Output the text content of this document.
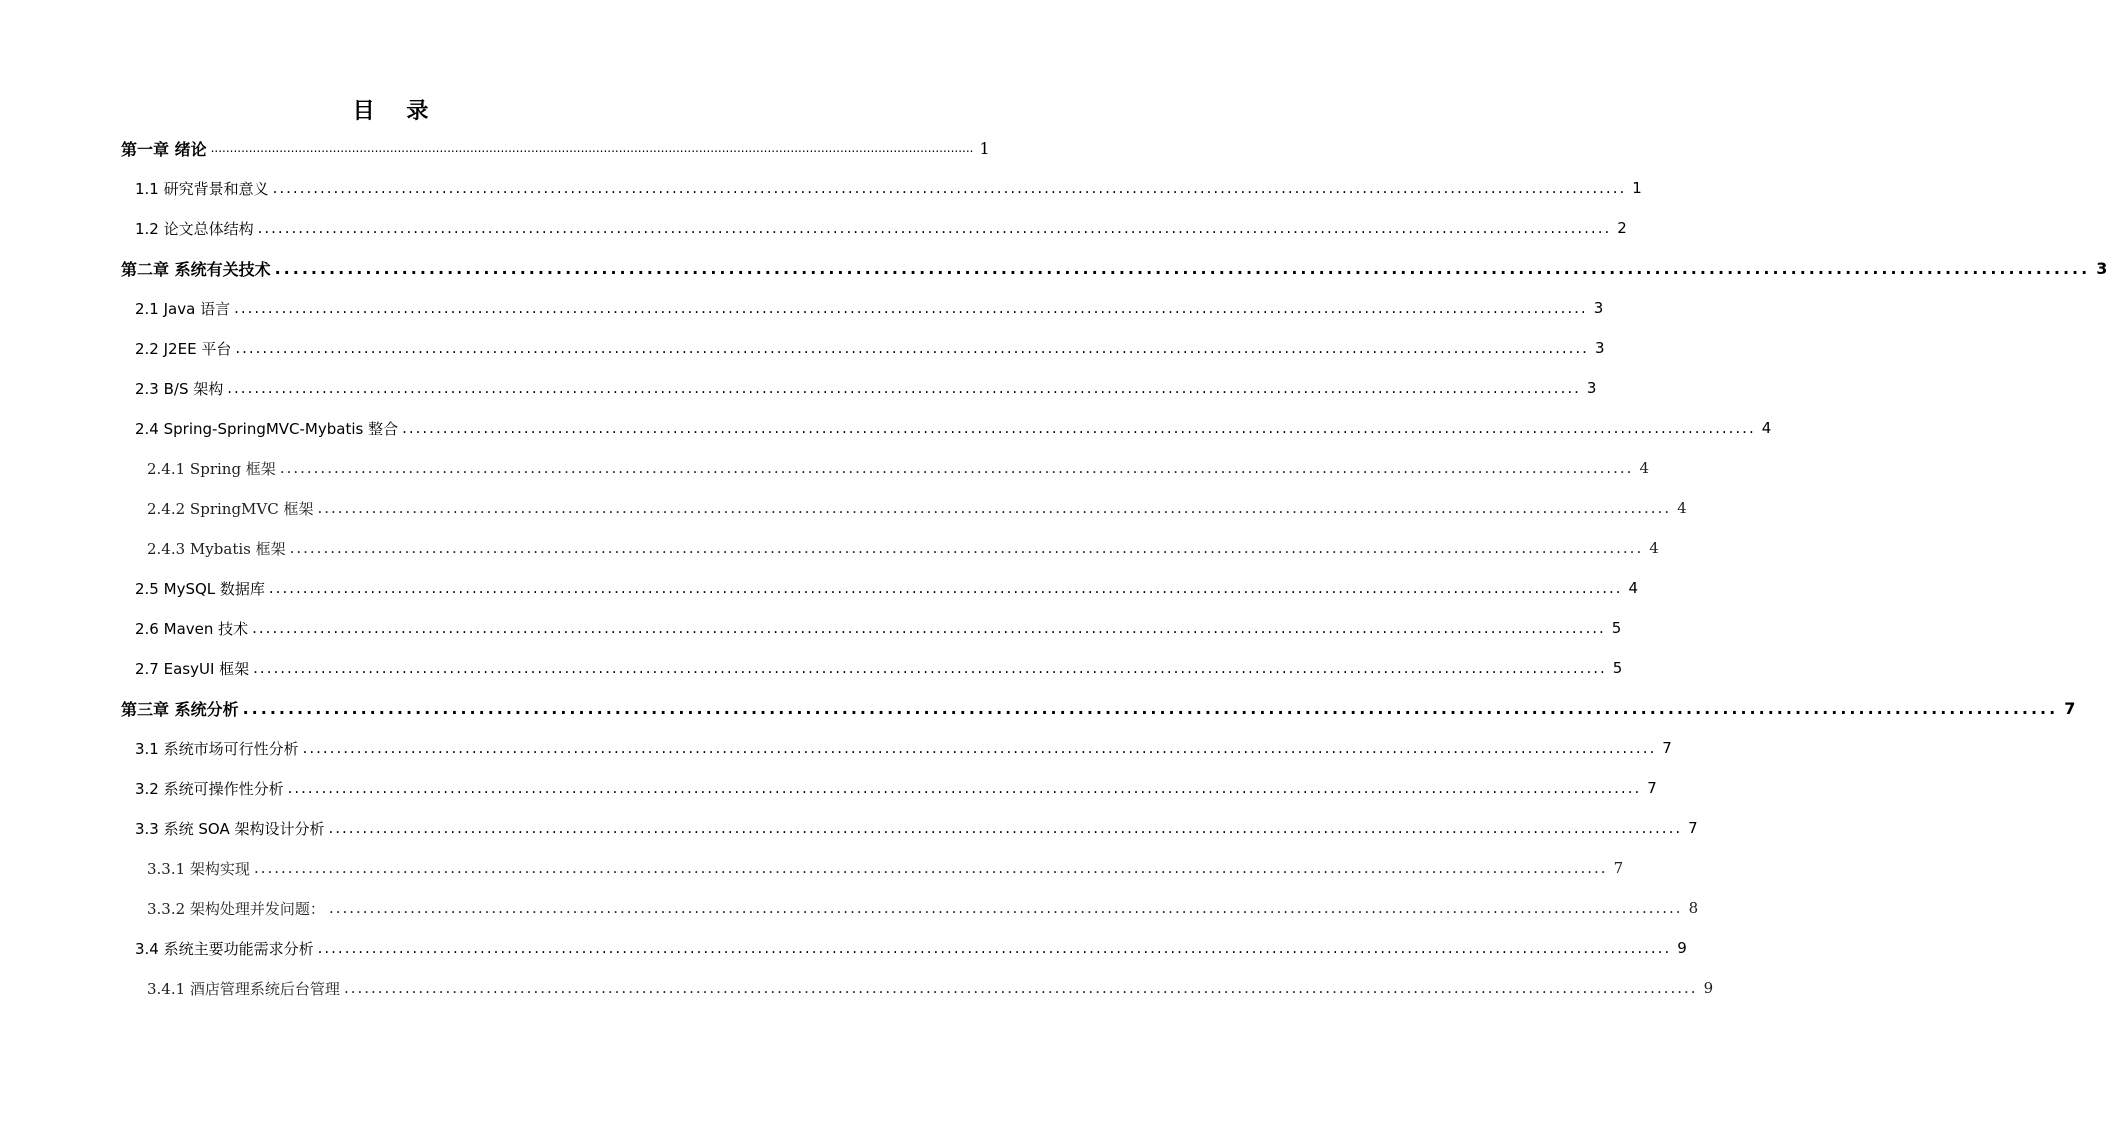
目 录
第一章 绪论 ........................................................................................................................................................................................................ 1
1.1 研究背景和意义 ........................................................................................................................................................................................................ 1
1.2 论文总体结构 ........................................................................................................................................................................................................ 2
第二章 系统有关技术 ........................................................................................................................................................................................................ 3
2.1 Java 语言 ........................................................................................................................................................................................................ 3
2.2 J2EE 平台 ........................................................................................................................................................................................................ 3
2.3 B/S 架构 ........................................................................................................................................................................................................ 3
2.4 Spring-SpringMVC-Mybatis 整合 ........................................................................................................................................................................................................ 4
2.4.1 Spring 框架 ........................................................................................................................................................................................................ 4
2.4.2 SpringMVC 框架 ........................................................................................................................................................................................................ 4
2.4.3 Mybatis 框架 ........................................................................................................................................................................................................ 4
2.5 MySQL 数据库 ........................................................................................................................................................................................................ 4
2.6 Maven 技术 ........................................................................................................................................................................................................ 5
2.7 EasyUI 框架 ........................................................................................................................................................................................................ 5
第三章 系统分析 ........................................................................................................................................................................................................ 7
3.1 系统市场可行性分析 ........................................................................................................................................................................................................ 7
3.2 系统可操作性分析 ........................................................................................................................................................................................................ 7
3.3 系统 SOA 架构设计分析 ........................................................................................................................................................................................................ 7
3.3.1 架构实现 ........................................................................................................................................................................................................ 7
3.3.2 架构处理并发问题： ........................................................................................................................................................................................................ 8
3.4 系统主要功能需求分析 ........................................................................................................................................................................................................ 9
3.4.1 酒店管理系统后台管理 ........................................................................................................................................................................................................ 9
